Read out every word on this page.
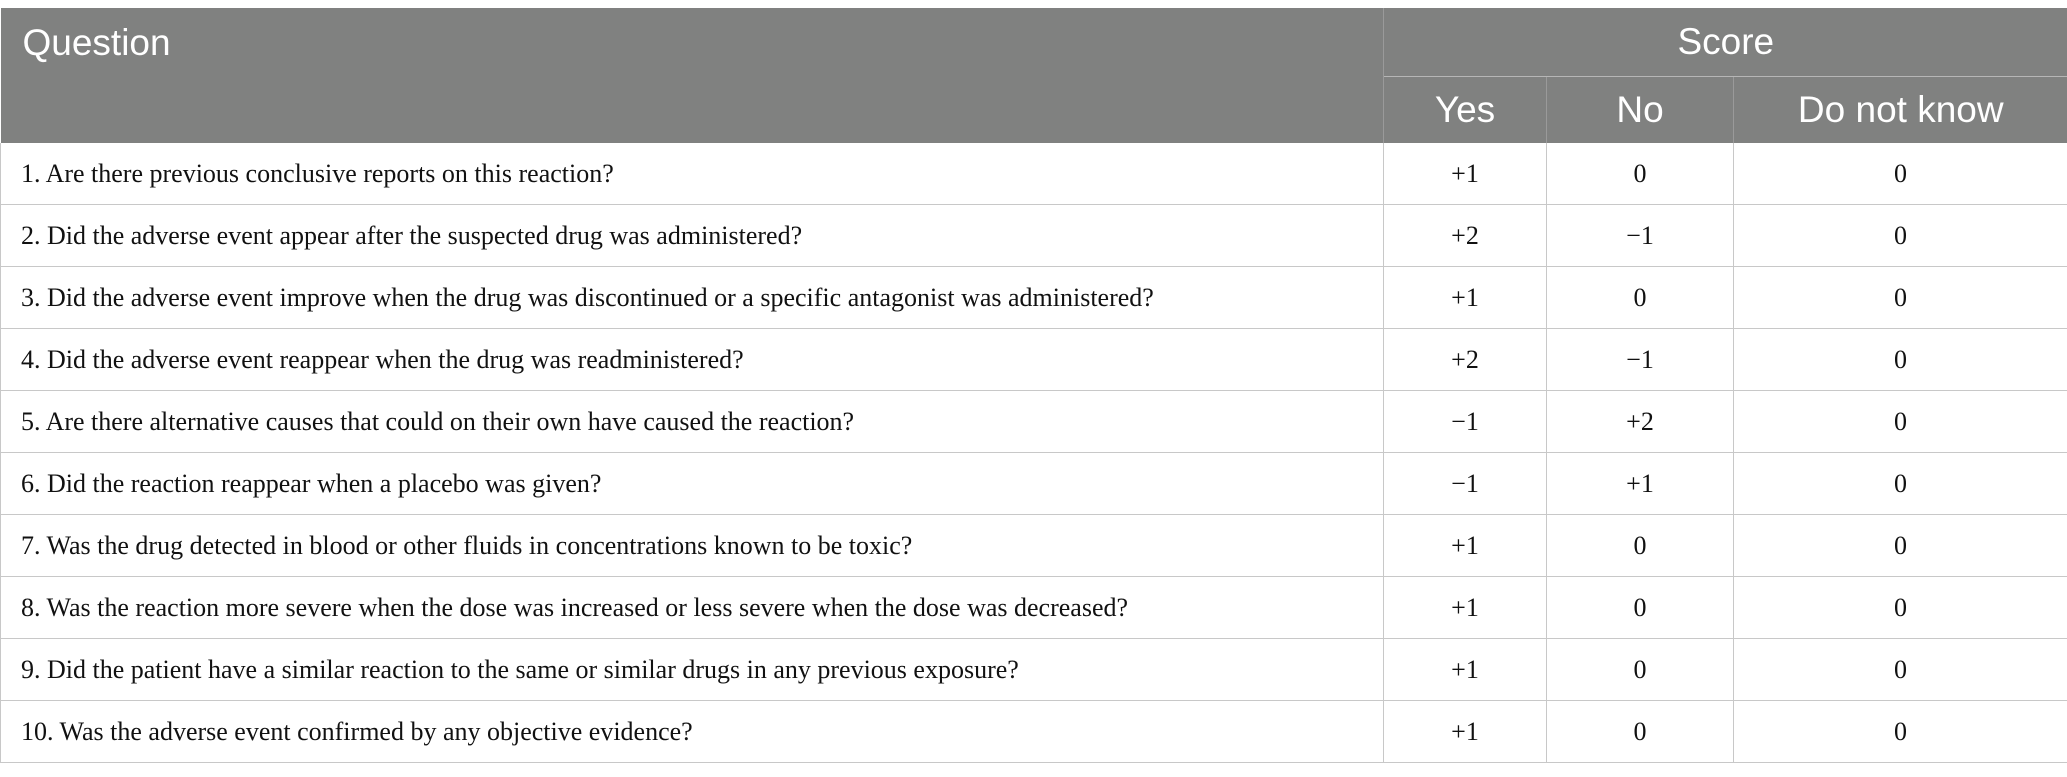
Question	Score		
	Yes	No	Do not know
1. Are there previous conclusive reports on this reaction?	+1	0	0
2. Did the adverse event appear after the suspected drug was administered?	+2	−1	0
3. Did the adverse event improve when the drug was discontinued or a specific antagonist was administered?	+1	0	0
4. Did the adverse event reappear when the drug was readministered?	+2	−1	0
5. Are there alternative causes that could on their own have caused the reaction?	−1	+2	0
6. Did the reaction reappear when a placebo was given?	−1	+1	0
7. Was the drug detected in blood or other fluids in concentrations known to be toxic?	+1	0	0
8. Was the reaction more severe when the dose was increased or less severe when the dose was decreased?	+1	0	0
9. Did the patient have a similar reaction to the same or similar drugs in any previous exposure?	+1	0	0
10. Was the adverse event confirmed by any objective evidence?	+1	0	0
